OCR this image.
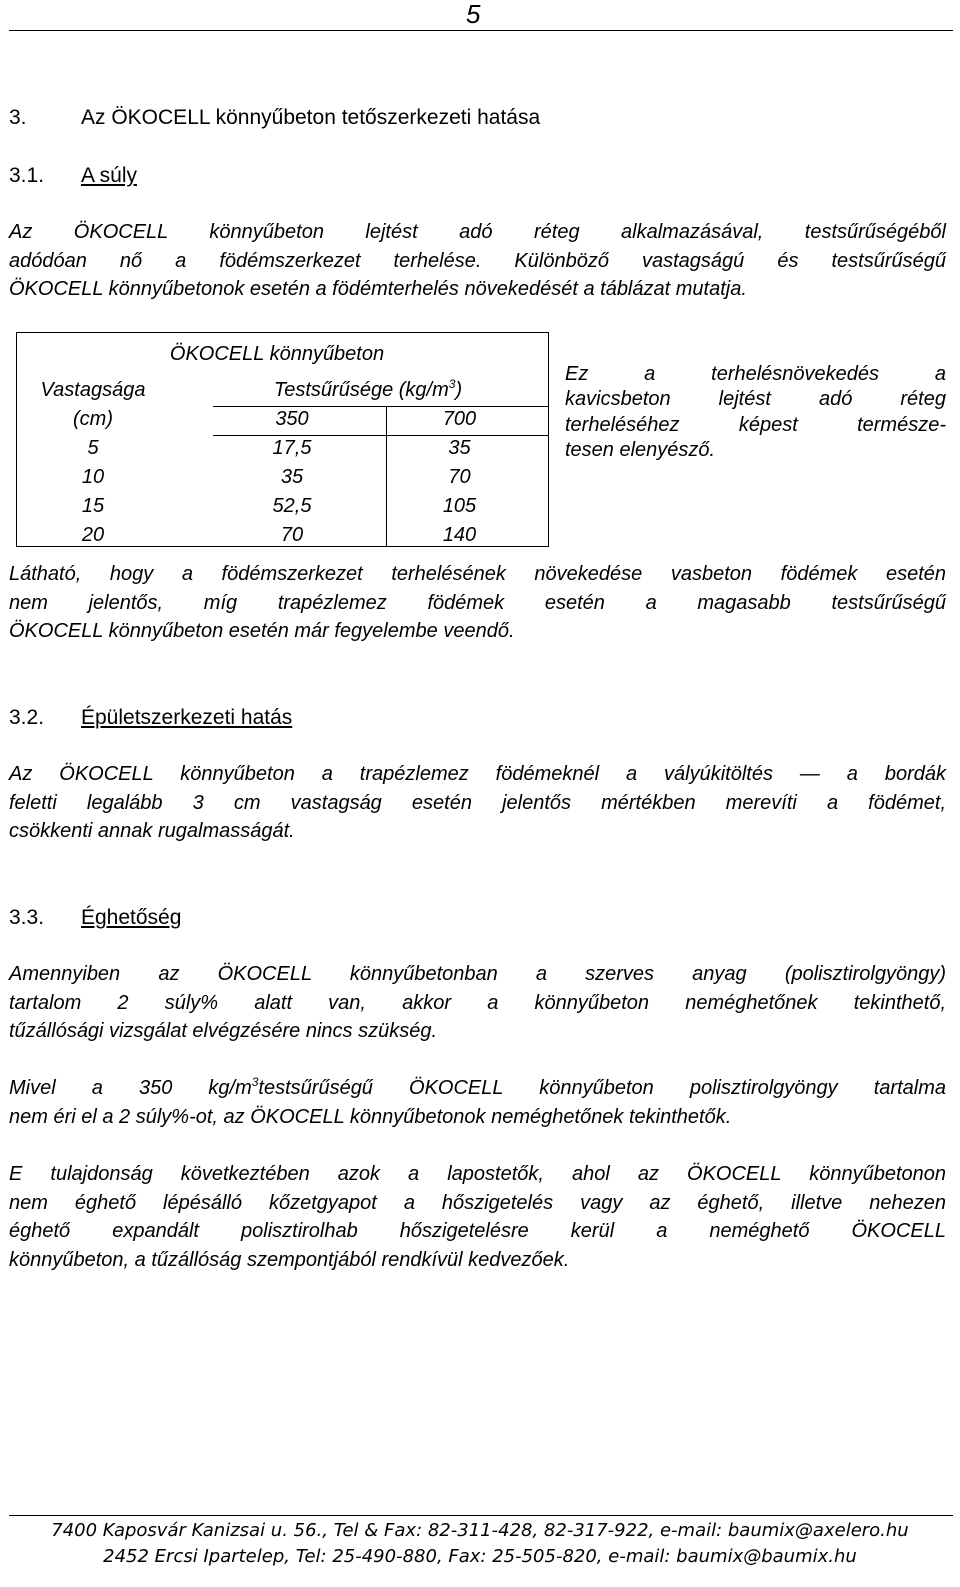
5
3.	Az ÖKOCELL könnyűbeton tetőszerkezeti hatása
3.1. A súly
Az ÖKOCELL könnyűbeton lejtést adó réteg alkalmazásával, testsűrűségéből
adódóan nő a födémszerkezet terhelése. Különböző vastagságú és testsűrűségű
ÖKOCELL könnyűbetonok esetén a födémterhelés növekedését a táblázat mutatja.
ÖKOCELL könnyűbeton
Vastagsága	Testsűrűsége $(kg/m^3)$
(cm)	350	700
5	17,5	35
10	35	70
15	52,5	105
20	70	140
Ez a terhelésnövekedés a
kavicsbeton lejtést adó réteg
terheléséhez képest természe-
tesen elenyésző.
Látható, hogy a födémszerkezet terhelésének növekedése vasbeton födémek esetén
nem jelentős, míg trapézlemez födémek esetén a magasabb testsűrűségű
ÖKOCELL könnyűbeton esetén már fegyelembe veendő.
3.2. Épületszerkezeti hatás
Az ÖKOCELL könnyűbeton a trapézlemez födémeknél a vályúkitöltés — a bordák
feletti legalább 3 cm vastagság esetén jelentős mértékben merevíti a födémet,
csökkenti annak rugalmasságát.
3.3. Éghetőség
Amennyiben az ÖKOCELL könnyűbetonban a szerves anyag (polisztirolgyöngy)
tartalom 2 súly% alatt van, akkor a könnyűbeton neméghetőnek tekinthető,
tűzállósági vizsgálat elvégzésére nincs szükség.
Mivel a 350 $kg/m^3testsűrűségű$ ÖKOCELL könnyűbeton polisztirolgyöngy tartalma
nem éri el a 2 súly%-ot, az ÖKOCELL könnyűbetonok neméghetőnek tekinthetők.
E tulajdonság következtében azok a lapostetők, ahol az ÖKOCELL könnyűbetonon
nem éghető lépésálló kőzetgyapot a hőszigetelés vagy az éghető, illetve nehezen
éghető expandált polisztirolhab hőszigetelésre kerül a neméghető ÖKOCELL
könnyűbeton, a tűzállóság szempontjából rendkívül kedvezőek.
7400 Kaposvár Kanizsai u. 56., Tel & Fax: 82-311-428, 82-317-922, e-mail: baumix@axelero.hu
2452 Ercsi Ipartelep, Tel: 25-490-880, Fax: 25-505-820, e-mail: baumix@baumix.hu
